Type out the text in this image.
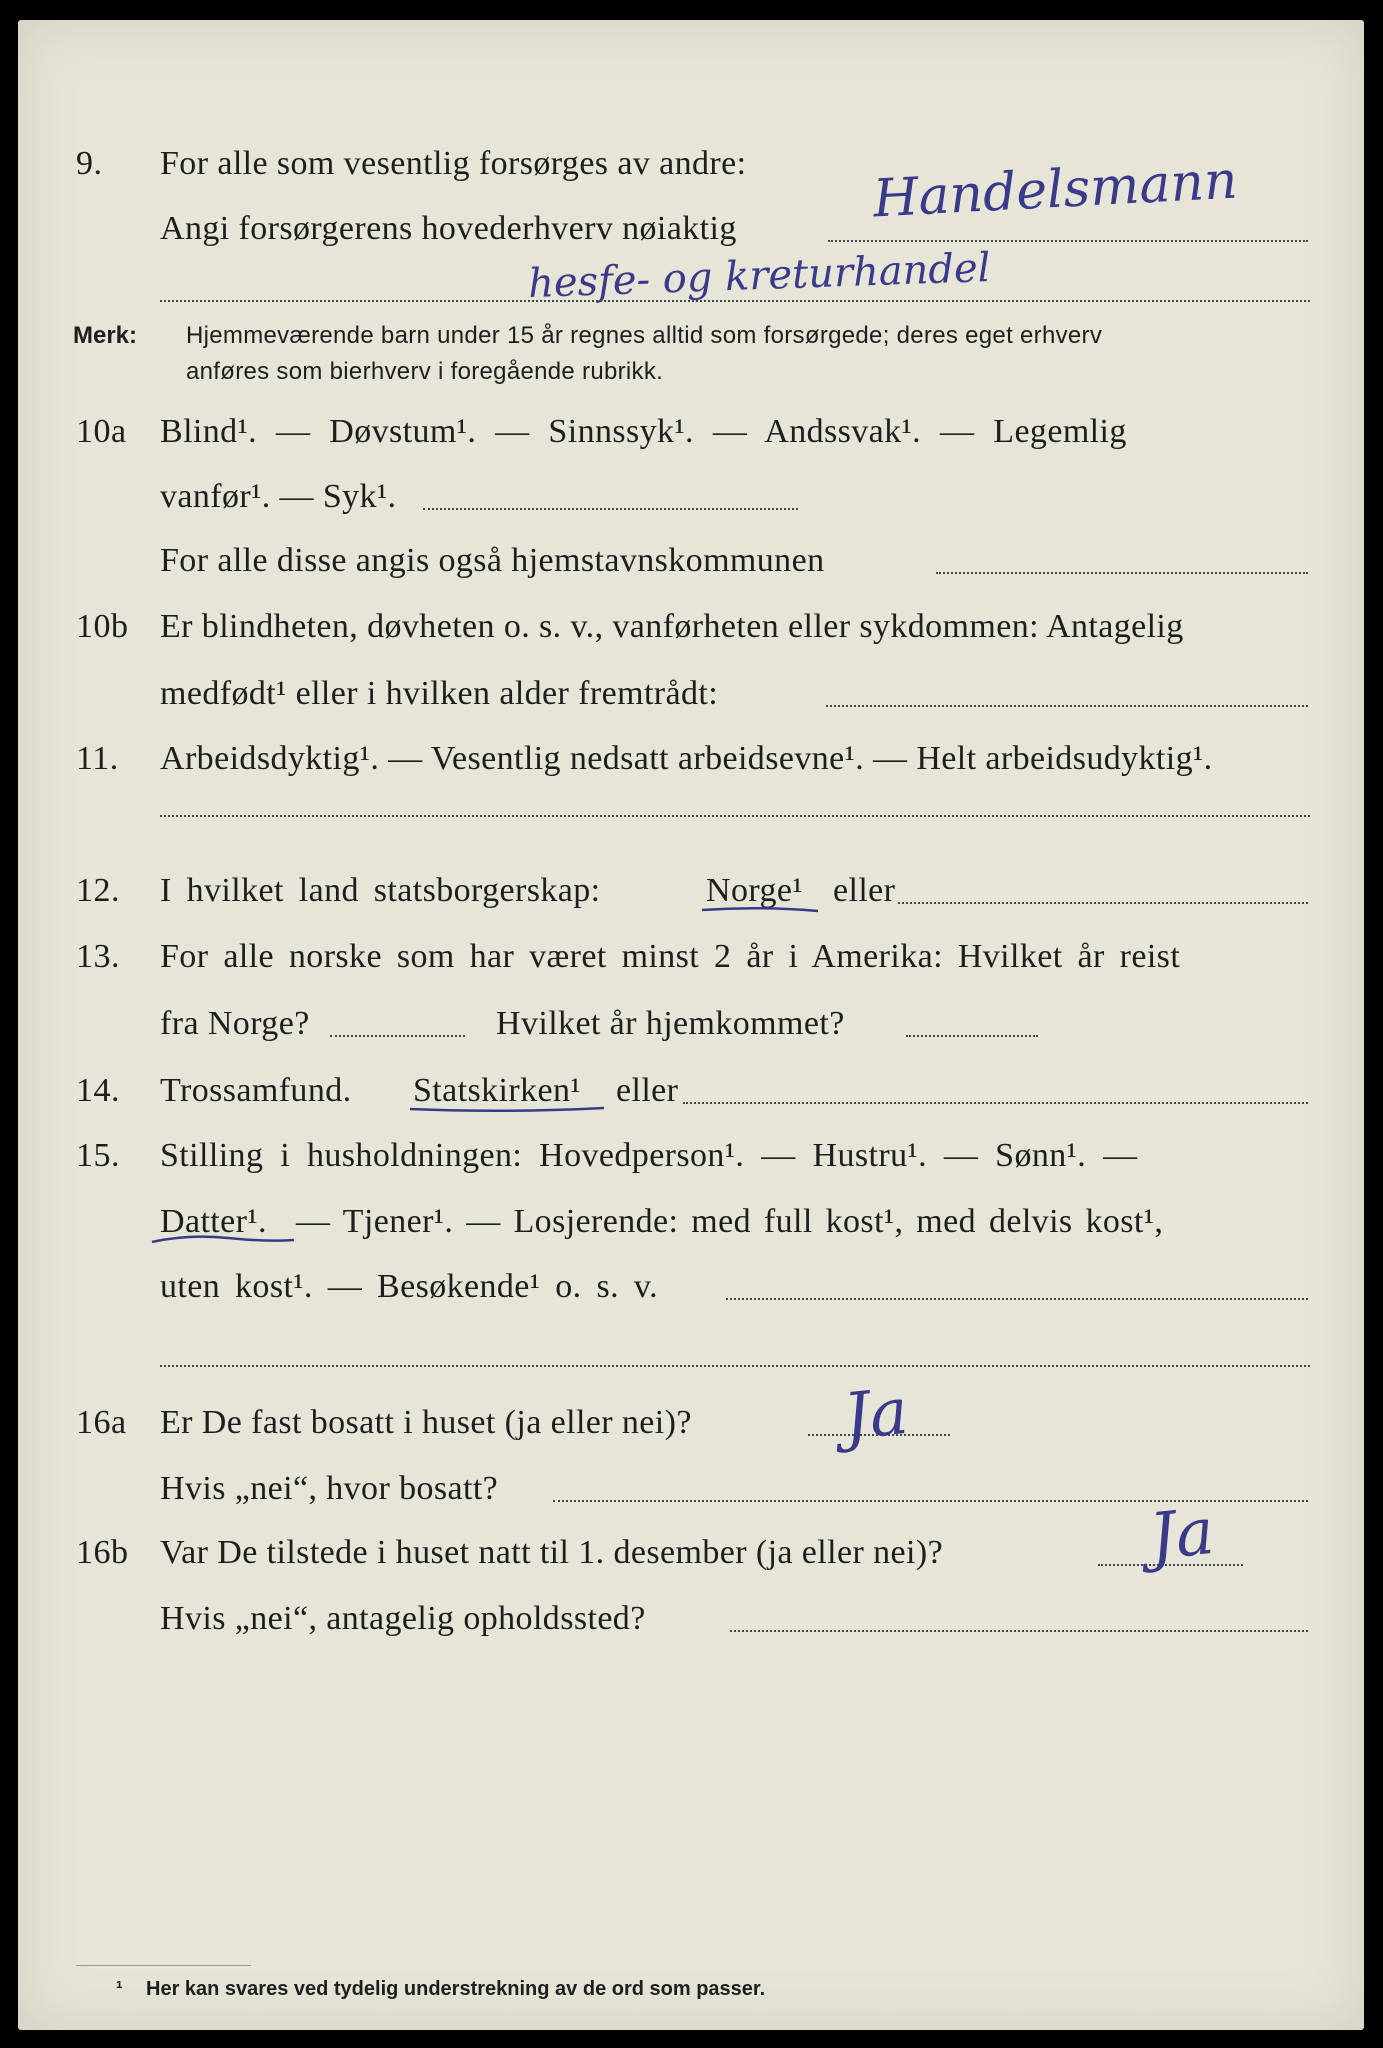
9. For alle som vesentlig forsørges av andre: Handelsmann
Angi forsørgerens hovederhverv nøiaktig
hesfe- og kreturhandel
Merk: Hjemmeværende barn under 15 år regnes alltid som forsørgede; deres eget erhverv
anføres som bierhverv i foregående rubrikk.
10a Blind¹. — Døvstum¹. — Sinnssyk¹. — Andssvak¹. — Legemlig
vanfør¹. — Syk¹.
For alle disse angis også hjemstavnskommunen
10b Er blindheten, døvheten o. s. v., vanførheten eller sykdommen: Antagelig
medfødt¹ eller i hvilken alder fremtrådt:
11. Arbeidsdyktig¹. — Vesentlig nedsatt arbeidsevne¹. — Helt arbeidsudyktig¹.
12. I hvilket land statsborgerskap:	Norge¹ eller
13. For alle norske som har været minst 2 år i Amerika: Hvilket år reist
fra Norge?	Hvilket år hjemkommet?
14. Trossamfund. Statskirken¹ eller
15. Stilling i husholdningen: Hovedperson¹. — Hustru¹. — Sønn¹. —
Datter¹. — Tjener¹. — Losjerende: med full kost¹, med delvis kost¹,
uten kost¹. — Besøkende¹ o. s. v.
16a Er De fast bosatt i huset (ja eller nei)? Ja
Hvis „nei“, hvor bosatt?
16b Var De tilstede i huset natt til 1. desember (ja eller nei)?	Ja
Hvis „nei“, antagelig opholdssted?
¹ Her kan svares ved tydelig understrekning av de ord som passer.
